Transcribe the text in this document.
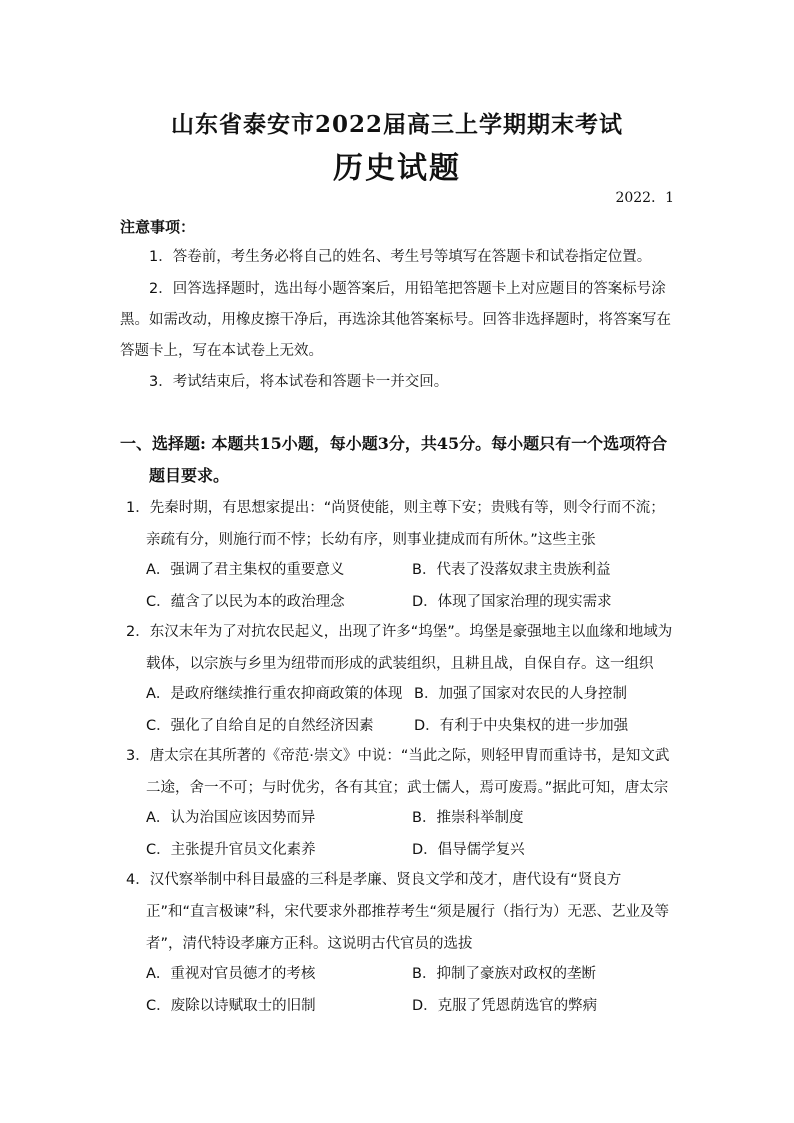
山东省泰安市2022届高三上学期期末考试
历史试题
2022．1
注意事项：
1．答卷前，考生务必将自己的姓名、考生号等填写在答题卡和试卷指定位置。
2．回答选择题时，选出每小题答案后，用铅笔把答题卡上对应题目的答案标号涂黑。如需改动，用橡皮擦干净后，再选涂其他答案标号。回答非选择题时，将答案写在答题卡上，写在本试卷上无效。
3．考试结束后，将本试卷和答题卡一并交回。
一、选择题: 本题共15小题，每小题3分，共45分。每小题只有一个选项符合
题目要求。
1．先秦时期，有思想家提出：“尚贤使能，则主尊下安；贵贱有等，则令行而不流；亲疏有分，则施行而不悖；长幼有序，则事业捷成而有所休。”这些主张
A．强调了君主集权的重要意义	B．代表了没落奴隶主贵族利益
C．蕴含了以民为本的政治理念	D．体现了国家治理的现实需求
2．东汉末年为了对抗农民起义，出现了许多“坞堡”。坞堡是豪强地主以血缘和地域为载体，以宗族与乡里为纽带而形成的武装组织，且耕且战，自保自存。这一组织
A．是政府继续推行重农抑商政策的体现 B．加强了国家对农民的人身控制
C．强化了自给自足的自然经济因素	D．有利于中央集权的进一步加强
3．唐太宗在其所著的《帝范·崇文》中说：“当此之际，则轻甲胄而重诗书，是知文武二途，舍一不可；与时优劣，各有其宜；武士儒人，焉可废焉。”据此可知，唐太宗
A．认为治国应该因势而异	B．推崇科举制度
C．主张提升官员文化素养	D．倡导儒学复兴
4．汉代察举制中科目最盛的三科是孝廉、贤良文学和茂才，唐代设有“贤良方正”和“直言极谏”科，宋代要求外郡推荐考生“须是履行（指行为）无恶、艺业及等者”，清代特设孝廉方正科。这说明古代官员的选拔
A．重视对官员德才的考核	B．抑制了豪族对政权的垄断
C．废除以诗赋取士的旧制	D．克服了凭恩荫选官的弊病
